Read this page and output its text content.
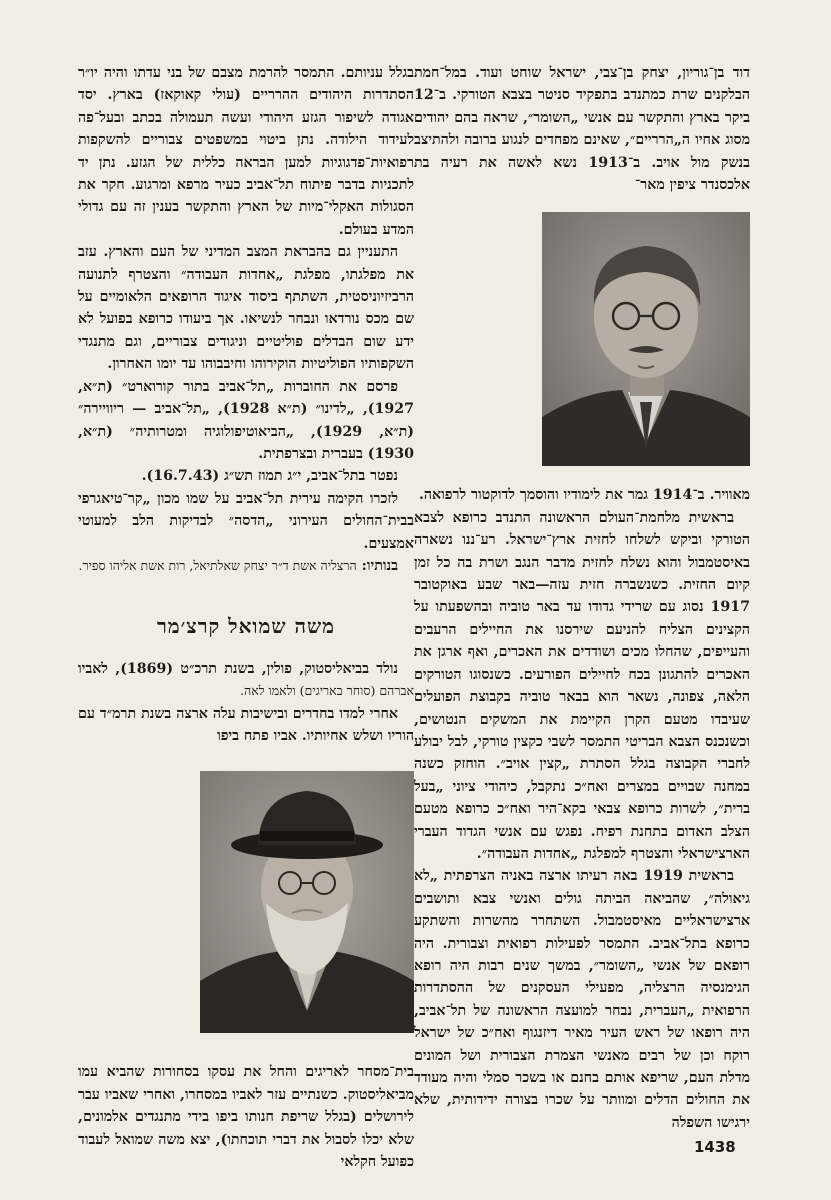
דוד בן־גוריון, יצחק בן־צבי, ישראל שוחט ועוד. במל־חמת הבלקנים שרת כמתנדב בתפקיד סניטר בצבא הטורקי. ב־12 ביקר בארץ והתקשר עם אנשי „השומר״, שראה בהם יהודים מסוג אחיו ה„הרריים״, שאינם מפחדים לנגוע ברובה ולהתיצב בנשק מול אויב. ב־1913 נשא לאשה את רעיה בת אלכסנדר ציפין מאר־

מאוויר. ב־1914 גמר את לימודיו והוסמך לדוקטור לרפואה.

בראשית מלחמת־העולם הראשונה התנדב כרופא לצבא הטורקי וביקש לשלחו לחזית ארץ־ישראל. רע־ננו נשארה באיסטמבול והוא נשלח לחזית מדבר הנגב ושרת בה כל זמן קיום החזית. כשנשברה חזית עזה—באר שבע באוקטובר 1917 נסוג עם שרידי גדודו עד באר טוביה ובהשפעתו על הקצינים הצליח להניעם שירסנו את החיילים הרעבים והעייפים, שהחלו מכים ושודדים את האכרים, ואף ארגן את האכרים להתגונן בכח לחיילים הפורעים. כשנסוגו הטורקים הלאה, צפונה, נשאר הוא בבאר טוביה בקבוצת הפועלים שעיבדו מטעם הקרן הקיימת את המשקים הנטושים, וכשנכנס הצבא הבריטי התמסר לשבי כקצין טורקי, לבל יבולע לחברי הקבוצה בגלל הסתרת „קצין אויב״. הוחזק כשנה במחנה שבויים במצרים ואח״כ נתקבל, כיהודי ציוני „בעל ברית״, לשרות כרופא צבאי בקא־היר ואח״כ כרופא מטעם הצלב האדום בתחנת רפיח. נפגש עם אנשי הגדוד העברי הארצישראלי והצטרף למפלגת „אחדות העבודה״.

בראשית 1919 באה רעיתו ארצה באניה הצרפתית „לא גיאולה״, שהביאה הביתה גולים ואנשי צבא ותושבים ארצישראליים מאיסטמבול. השתחרר מהשרות והשתקע כרופא בתל־אביב. התמסר לפעילות רפואית וצבורית. היה רופאם של אנשי „השומר״, במשך שנים רבות היה רופא הגימנסיה הרצליה, מפעילי העסקנים של ההסתדרות הרפואית „העברית, נבחר למועצה הראשונה של תל־אביב, היה רופאו של ראש העיר מאיר דיזנגוף ואח״כ של ישראל רוקח וכן של רבים מאנשי הצמרת הצבורית ושל המונים מדלת העם, שריפא אותם בחנם או בשכר סמלי והיה מעודד את החולים הדלים ומוותר על שכרו בצורה ידידותית, שלא ירגישו השפלה

בגלל עניותם. התמסר להרמת מצבם של בני עדתו והיה יו״ר הסתדרות היהודים ההרריים (עולי קאוקאז) בארץ. יסד אגודה לשיפור הגזע היהודי ועשה תעמולה בכתב ובעל־פה לעידוד הילודה. נתן ביטוי במשפטים צבוריים להשקפות רפואיות־פדגוגיות למען הבראה כללית של הגזע. נתן יד לתכניות בדבר פיתוח תל־אביב כעיר מרפא ומרגוע. חקר את הסגולות האקלי־מיות של הארץ והתקשר בענין זה עם גדולי המדע בעולם.

התעניין גם בהבראת המצב המדיני של העם והארץ. עזב את מפלגתו, מפלגת „אחדות העבודה״ והצטרף לתנועה הרביזיוניסטית, השתתף ביסוד איגוד הרופאים הלאומיים על שם מכס נורדאו ונבחר לנשיאו. אך ביעודו כרופא בפועל לא ידע שום הבדלים פוליטיים וניגודים צבוריים, וגם מתנגדי השקפותיו הפוליטיות הוקירוהו וחיבבוהו עד יומו האחרון.

פרסם את החוברות „תל־אביב בתור קורוארט״ (ת״א, 1927), „לדינו״ (ת״א 1928), „תל־אביב — ריוויירה״ (ת״א, 1929), „הביאוטיפולוגיה ומטרותיה״ (ת״א, 1930) בעברית ובצרפתית.

נפטר בתל־אביב, י״ג תמוז תש״ג (16.7.43).

לזכרו הקימה עירית תל־אביב על שמו מכון „קר־טיאגרפי בבית־החולים העירוני „הדסה״ לבדיקות הלב למעוטי אמצעים.

בנותיו: הרצליה אשת ד״ר יצחק שאלתיאל, רות אשת אליהו ספיר.

משה שמואל קרצ׳מר

נולד בביאליסטוק, פולין, בשנת תרכ״ט (1869), לאביו אברהם (סוחר באריגים) ולאמו לאה.

אחרי למדו בחדרים ובישיבות עלה ארצה בשנת תרמ״ד עם הוריו ושלש אחיותיו. אביו פתח ביפו

בית־מסחר לאריגים והחל את עסקו בסחורות שהביא עמו מביאליסטוק. כשנתיים עזר לאביו במסחרו, ואחרי שאביו עבר לירושלים (בגלל שריפת חנותו ביפו בידי מתנגדים אלמונים, שלא יכלו לסבול את דברי תוכחתו), יצא משה שמואל לעבוד כפועל חקלאי

1438
